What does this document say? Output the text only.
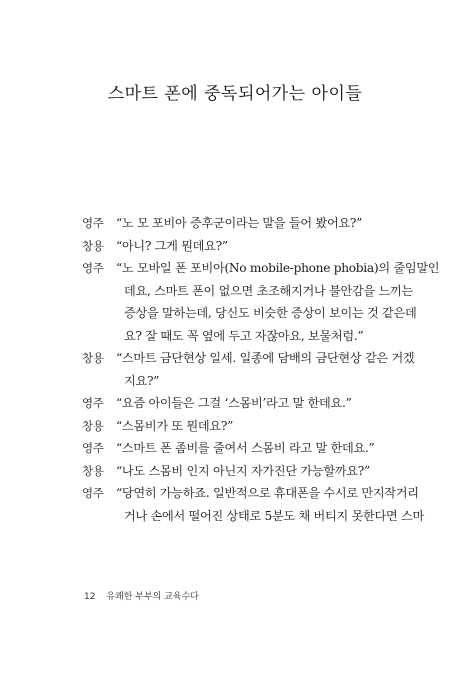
스마트 폰에 중독되어가는 아이들
영주	“노 모 포비아 증후군이라는 말을 들어 봤어요?”
창용	“아니? 그게 뭔데요?”
영주	“노 모바일 폰 포비아(No mobile-phone phobia)의 줄임말인
데요, 스마트 폰이 없으면 초조해지거나 불안감을 느끼는
증상을 말하는데, 당신도 비슷한 증상이 보이는 것 같은데
요? 잘 때도 꼭 옆에 두고 자잖아요, 보물처럼.”
창용	“스마트 금단현상 일세. 일종에 담배의 금단현상 같은 거겠
지요?”
영주	“요즘 아이들은 그걸 ‘스몸비’라고 말 한데요.”
창용	“스몸비가 또 뭔데요?”
영주	“스마트 폰 좀비를 줄여서 스몸비 라고 말 한데요.”
창용	“나도 스몸비 인지 아닌지 자가진단 가능할까요?”
영주	“당연히 가능하죠. 일반적으로 휴대폰을 수시로 만지작거리
거나 손에서 떨어진 상태로 5분도 채 버티지 못한다면 스마
12 유쾌한 부부의 교육수다
